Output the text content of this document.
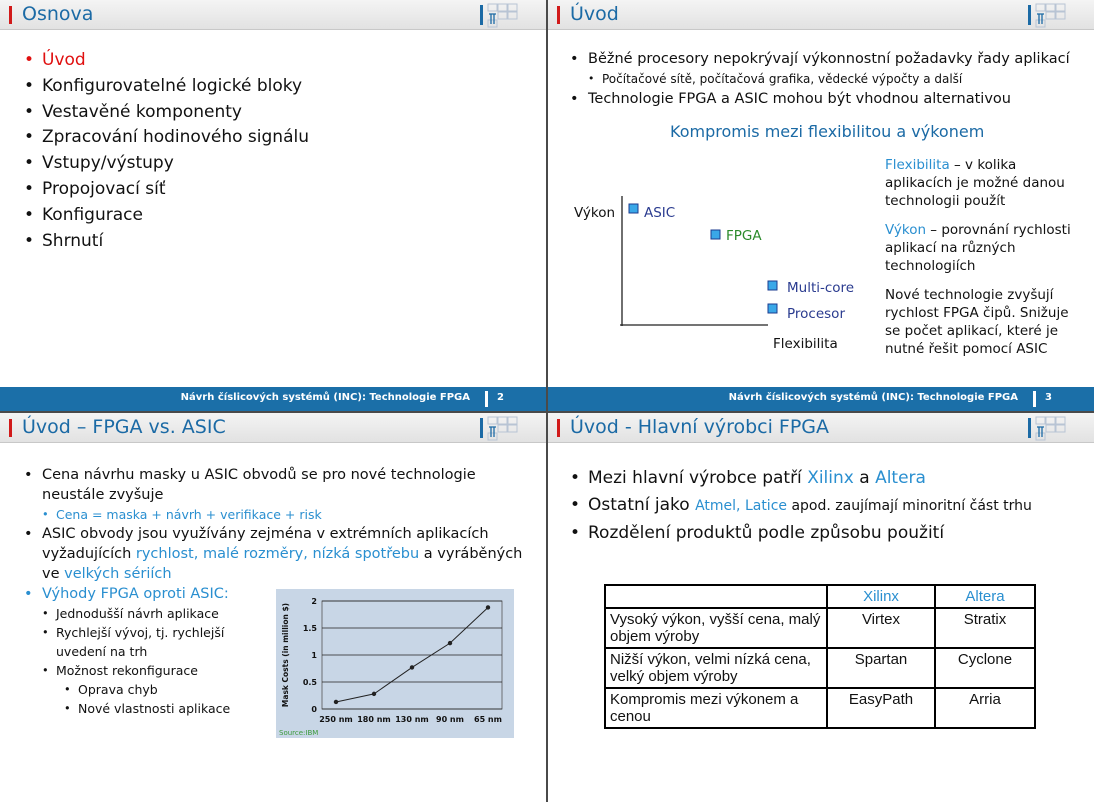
Osnova
• Úvod
• Konfigurovatelné logické bloky
• Vestavěné komponenty
• Zpracování hodinového signálu
• Vstupy/výstupy
• Propojovací síť
• Konfigurace
• Shrnutí
Návrh číslicových systémů (INC): Technologie FPGA	2
Úvod
• Běžné procesory nepokrývají výkonnostní požadavky řady aplikací
• Počítačové sítě, počítačová grafika, vědecké výpočty a další
• Technologie FPGA a ASIC mohou být vhodnou alternativou
Kompromis mezi flexibilitou a výkonem
Výkon
Flexibilita
ASIC
FPGA
Multi-core
Procesor
Flexibilita – v kolika aplikacích je možné danou technologii použít
Výkon – porovnání rychlosti aplikací na různých technologiích
Nové technologie zvyšují rychlost FPGA čipů. Snižuje se počet aplikací, které je nutné řešit pomocí ASIC
Návrh číslicových systémů (INC): Technologie FPGA	3
Úvod – FPGA vs. ASIC
• Cena návrhu masky u ASIC obvodů se pro nové technologie neustále zvyšuje
• Cena = maska + návrh + verifikace + risk
• ASIC obvody jsou využívány zejména v extrémních aplikacích vyžadujících rychlost, malé rozměry, nízká spotřebu a vyráběných ve velkých sériích
• Výhody FPGA oproti ASIC:
• Jednodušší návrh aplikace
• Rychlejší vývoj, tj. rychlejší uvedení na trh
• Možnost rekonfigurace
• Oprava chyb
• Nové vlastnosti aplikace	0
0.5
1
1.5
2
250 nm 180 nm 130 nm 90 nm 65 nm
Mask Costs (in million $)
Source:IBM
Úvod - Hlavní výrobci FPGA
• Mezi hlavní výrobce patří Xilinx a Altera
• Ostatní jako Atmel, Latice apod. zaujímají minoritní část trhu
• Rozdělení produktů podle způsobu použití
	Xilinx	Altera
Vysoký výkon, vyšší cena, malý objem výroby	Virtex	Stratix
Nižší výkon, velmi nízká cena, velký objem výroby	Spartan	Cyclone
Kompromis mezi výkonem a cenou	EasyPath	Arria
